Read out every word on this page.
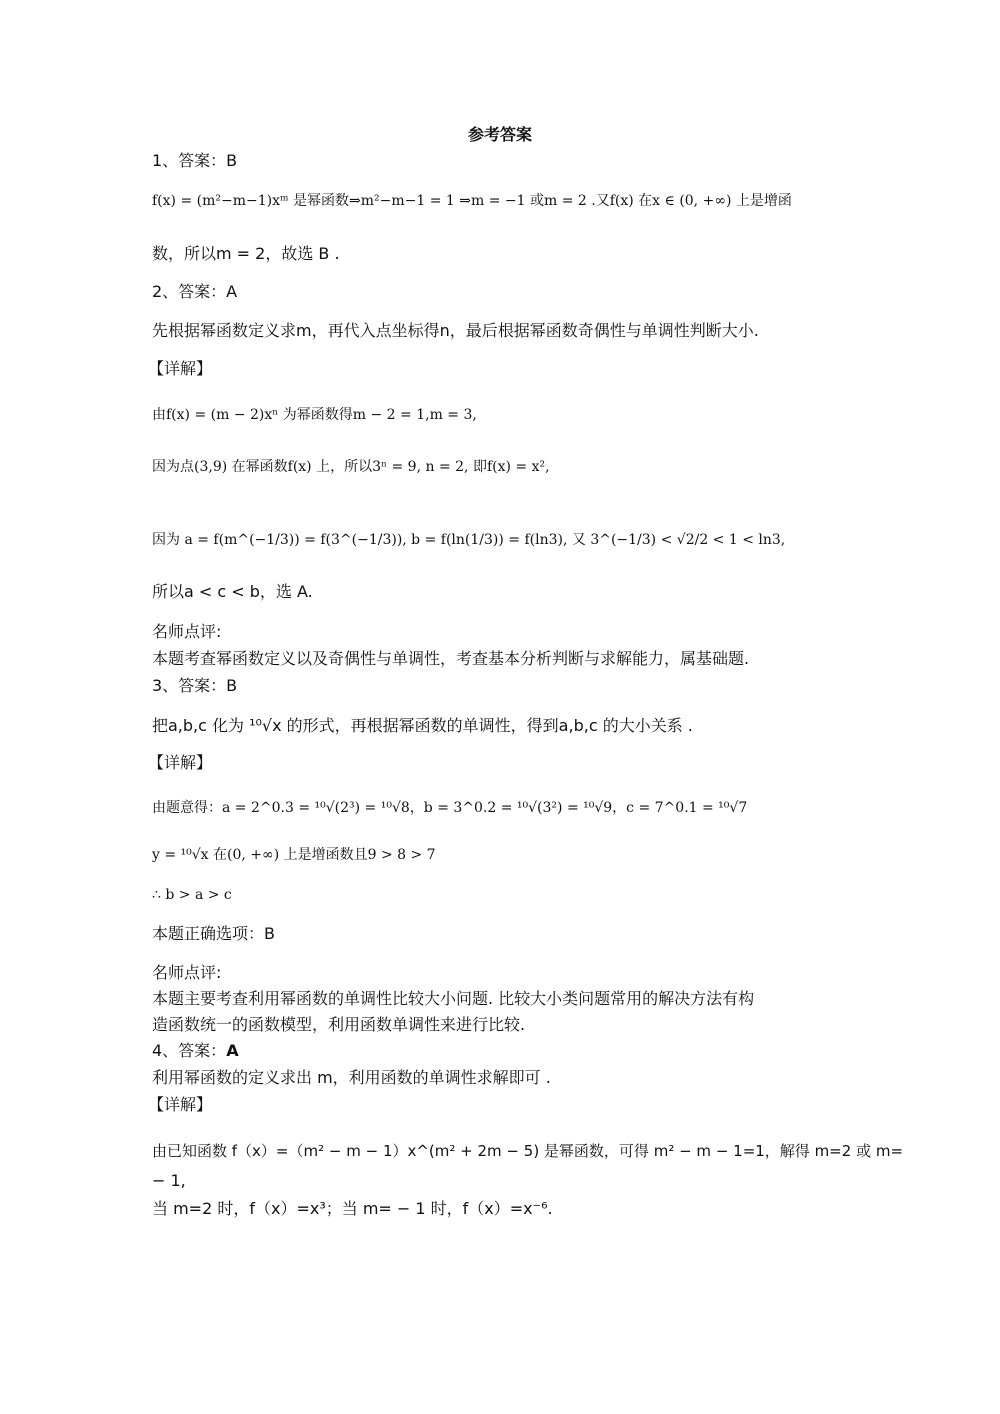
参考答案
1、答案：B
f(x) = (m²−m−1)xᵐ 是幂函数⇒m²−m−1 = 1 ⇒m = −1 或m = 2 .又f(x) 在x ∈ (0, +∞) 上是增函
数，所以m = 2，故选 B .
2、答案：A
先根据幂函数定义求m，再代入点坐标得n，最后根据幂函数奇偶性与单调性判断大小.
【详解】
由f(x) = (m − 2)xⁿ 为幂函数得m − 2 = 1,m = 3,
因为点(3,9) 在幂函数f(x) 上，所以3ⁿ = 9, n = 2, 即f(x) = x²,
因为 a = f(m^(−1/3)) = f(3^(−1/3)), b = f(ln(1/3)) = f(ln3), 又 3^(−1/3) < √2/2 < 1 < ln3,
所以a < c < b，选 A.
名师点评:
本题考查幂函数定义以及奇偶性与单调性，考查基本分析判断与求解能力，属基础题.
3、答案：B
把a,b,c 化为 ¹⁰√x 的形式，再根据幂函数的单调性，得到a,b,c 的大小关系 .
【详解】
由题意得：a = 2^0.3 = ¹⁰√(2³) = ¹⁰√8，b = 3^0.2 = ¹⁰√(3²) = ¹⁰√9，c = 7^0.1 = ¹⁰√7
y = ¹⁰√x 在(0, +∞) 上是增函数且9 > 8 > 7
∴ b > a > c
本题正确选项：B
名师点评:
本题主要考查利用幂函数的单调性比较大小问题. 比较大小类问题常用的解决方法有构
造函数统一的函数模型，利用函数单调性来进行比较.
4、答案：A
利用幂函数的定义求出 m，利用函数的单调性求解即可 .
【详解】
由已知函数 f（x）=（m² − m − 1）x^(m² + 2m − 5) 是幂函数，可得 m² − m − 1=1，解得 m=2 或 m=
− 1,
当 m=2 时，f（x）=x³；当 m= − 1 时，f（x）=x⁻⁶.
